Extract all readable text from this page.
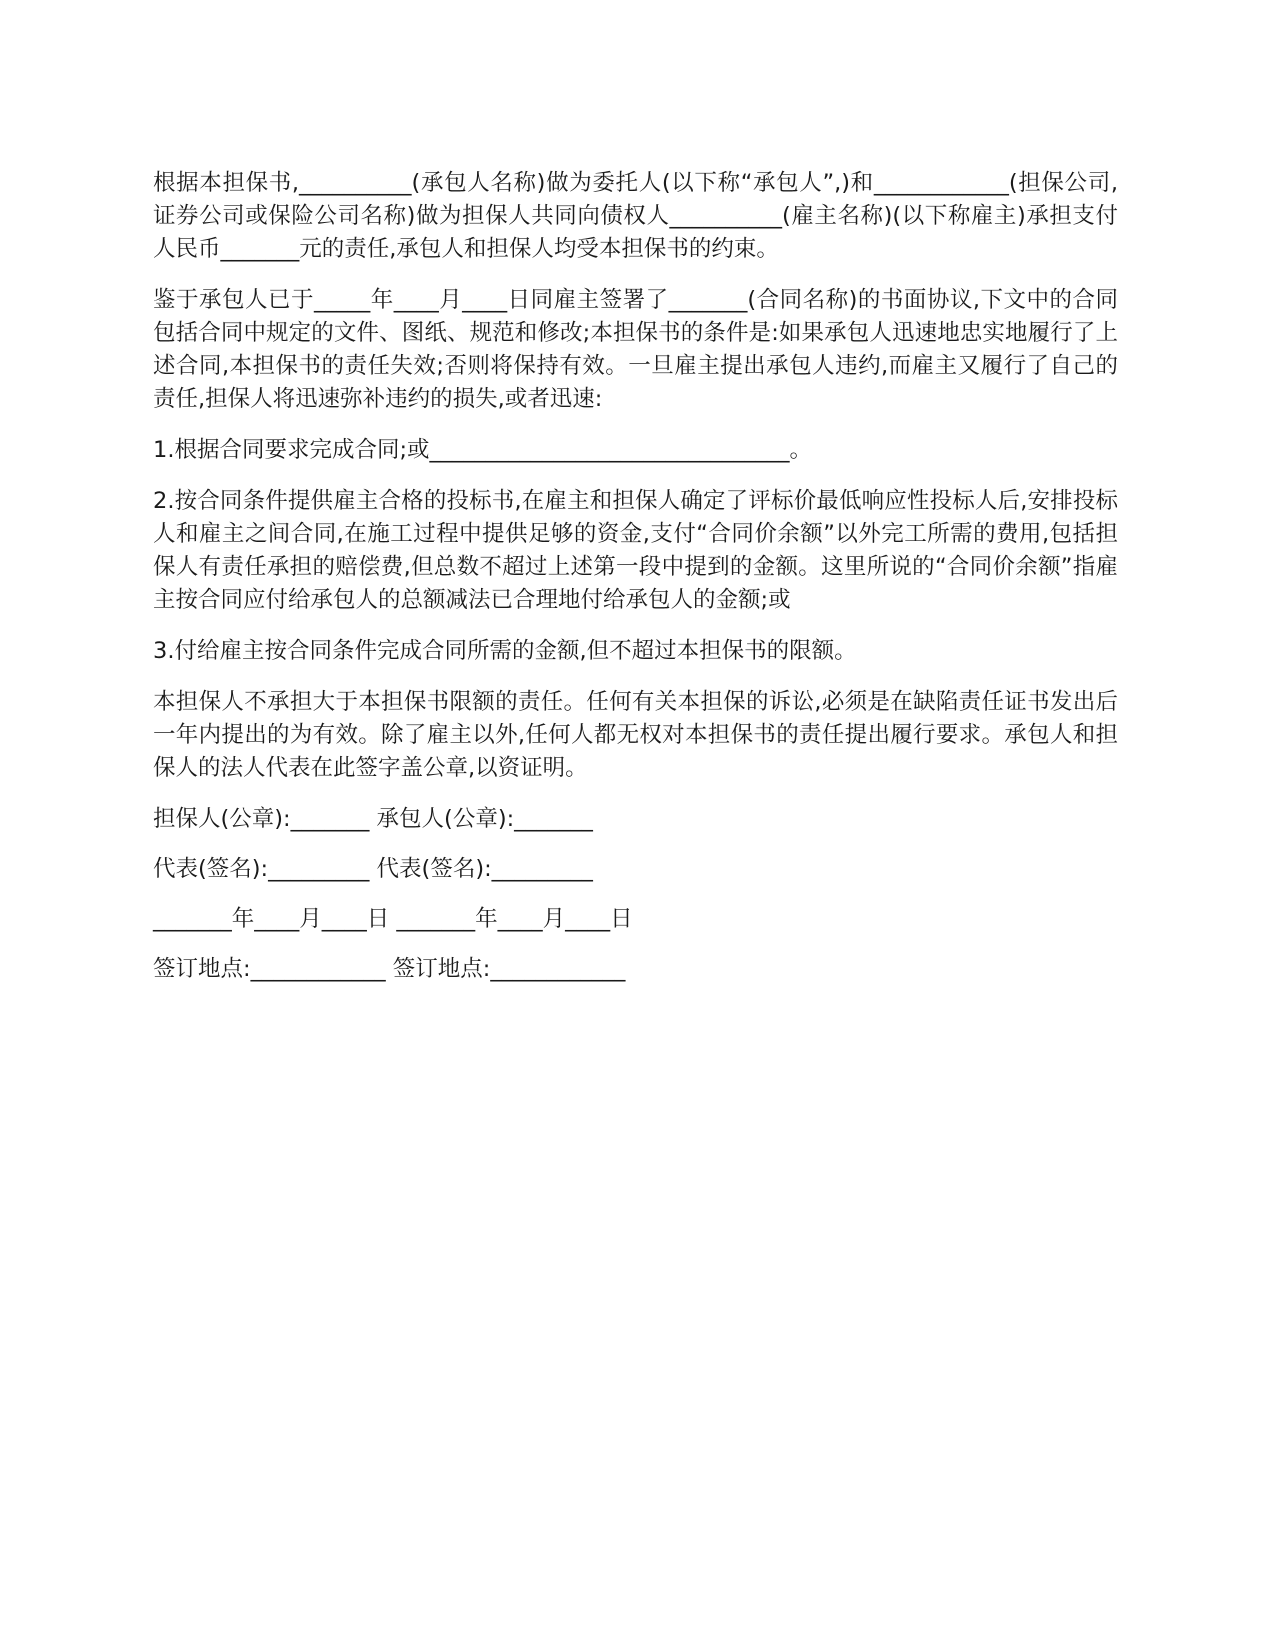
根据本担保书,__________(承包人名称)做为委托人(以下称“承包人”,)和____________(担保公司,证券公司或保险公司名称)做为担保人共同向债权人__________(雇主名称)(以下称雇主)承担支付人民币_______元的责任,承包人和担保人均受本担保书的约束。

鉴于承包人已于_____年____月____日同雇主签署了_______(合同名称)的书面协议,下文中的合同包括合同中规定的文件、图纸、规范和修改;本担保书的条件是:如果承包人迅速地忠实地履行了上述合同,本担保书的责任失效;否则将保持有效。一旦雇主提出承包人违约,而雇主又履行了自己的责任,担保人将迅速弥补违约的损失,或者迅速:

1.根据合同要求完成合同;或________________________________。

2.按合同条件提供雇主合格的投标书,在雇主和担保人确定了评标价最低响应性投标人后,安排投标人和雇主之间合同,在施工过程中提供足够的资金,支付“合同价余额”以外完工所需的费用,包括担保人有责任承担的赔偿费,但总数不超过上述第一段中提到的金额。这里所说的“合同价余额”指雇主按合同应付给承包人的总额减法已合理地付给承包人的金额;或

3.付给雇主按合同条件完成合同所需的金额,但不超过本担保书的限额。

本担保人不承担大于本担保书限额的责任。任何有关本担保的诉讼,必须是在缺陷责任证书发出后一年内提出的为有效。除了雇主以外,任何人都无权对本担保书的责任提出履行要求。承包人和担保人的法人代表在此签字盖公章,以资证明。

担保人(公章):_______ 承包人(公章):_______

代表(签名):_________ 代表(签名):_________

_______年____月____日 _______年____月____日

签订地点:____________ 签订地点:____________
